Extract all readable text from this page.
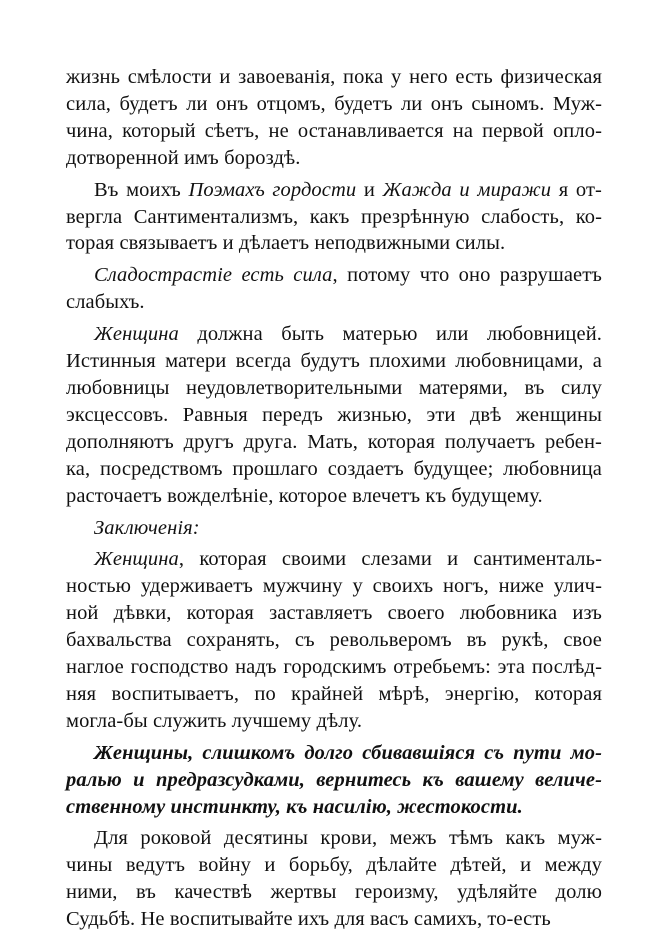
жизнь смѣлости и завоеванія, пока у него есть физическая
сила, будетъ ли онъ отцомъ, будетъ ли онъ сыномъ. Муж-
чина, который сѣетъ, не останавливается на первой опло-
дотворенной имъ бороздѣ.
Въ моихъ Поэмахъ гордости и Жажда и миражи я от-
вергла Сантиментализмъ, какъ презрѣнную слабость, ко-
торая связываетъ и дѣлаетъ неподвижными силы.
Сладострастіе есть сила, потому что оно разрушаетъ
слабыхъ.
Женщина должна быть матерью или любовницей.
Истинныя матери всегда будутъ плохими любовницами, а
любовницы неудовлетворительными матерями, въ силу
эксцессовъ. Равныя передъ жизнью, эти двѣ женщины
дополняютъ другъ друга. Мать, которая получаетъ ребен-
ка, посредствомъ прошлаго создаетъ будущее; любовница
расточаетъ вожделѣніе, которое влечетъ къ будущему.
Заключенія:
Женщина, которая своими слезами и сантименталь-
ностью удерживаетъ мужчину у своихъ ногъ, ниже улич-
ной дѣвки, которая заставляетъ своего любовника изъ
бахвальства сохранять, съ револьверомъ въ рукѣ, свое
наглое господство надъ городскимъ отребьемъ: эта послѣд-
няя воспитываетъ, по крайней мѣрѣ, энергію, которая
могла-бы служить лучшему дѣлу.
Женщины, слишкомъ долго сбивавшіяся съ пути мо-
ралью и предразсудками, вернитесь къ вашему величе-
ственному инстинкту, къ насилію, жестокости.
Для роковой десятины крови, межъ тѣмъ какъ муж-
чины ведутъ войну и борьбу, дѣлайте дѣтей, и между
ними, въ качествѣ жертвы героизму, удѣляйте долю
Судьбѣ. Не воспитывайте ихъ для васъ самихъ, то-есть
